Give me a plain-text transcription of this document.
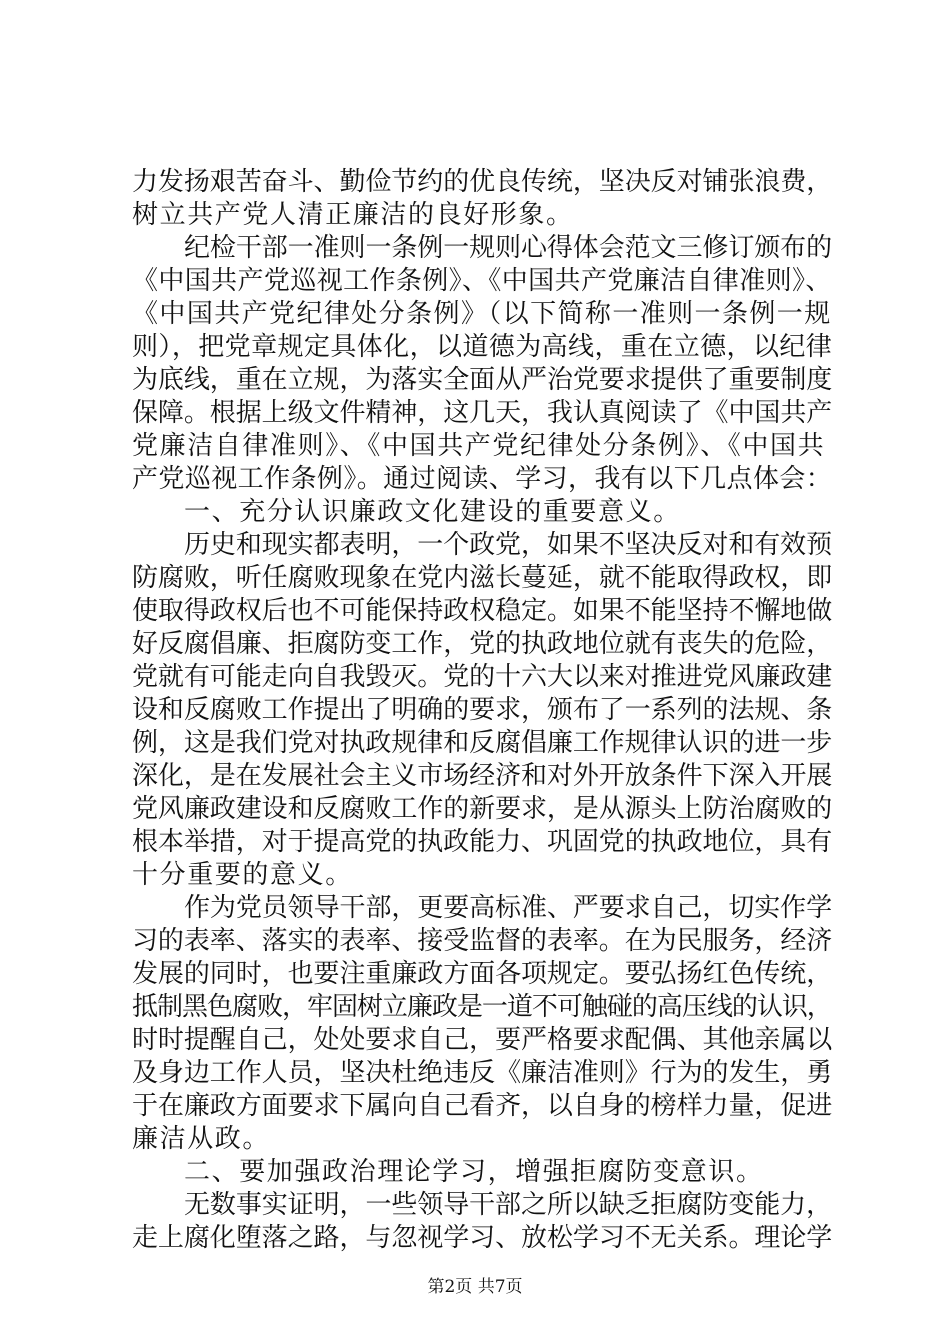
力发扬艰苦奋斗、勤俭节约的优良传统，坚决反对铺张浪费，
树立共产党人清正廉洁的良好形象。
纪检干部一准则一条例一规则心得体会范文三修订颁布的
《中国共产党巡视工作条例》、《中国共产党廉洁自律准则》、
《中国共产党纪律处分条例》（以下简称一准则一条例一规
则），把党章规定具体化，以道德为高线，重在立德，以纪律
为底线，重在立规，为落实全面从严治党要求提供了重要制度
保障。根据上级文件精神，这几天，我认真阅读了《中国共产
党廉洁自律准则》、《中国共产党纪律处分条例》、《中国共
产党巡视工作条例》。通过阅读、学习，我有以下几点体会：
一、充分认识廉政文化建设的重要意义。
历史和现实都表明，一个政党，如果不坚决反对和有效预
防腐败，听任腐败现象在党内滋长蔓延，就不能取得政权，即
使取得政权后也不可能保持政权稳定。如果不能坚持不懈地做
好反腐倡廉、拒腐防变工作，党的执政地位就有丧失的危险，
党就有可能走向自我毁灭。党的十六大以来对推进党风廉政建
设和反腐败工作提出了明确的要求，颁布了一系列的法规、条
例，这是我们党对执政规律和反腐倡廉工作规律认识的进一步
深化，是在发展社会主义市场经济和对外开放条件下深入开展
党风廉政建设和反腐败工作的新要求，是从源头上防治腐败的
根本举措，对于提高党的执政能力、巩固党的执政地位，具有
十分重要的意义。
作为党员领导干部，更要高标准、严要求自己，切实作学
习的表率、落实的表率、接受监督的表率。在为民服务，经济
发展的同时，也要注重廉政方面各项规定。要弘扬红色传统，
抵制黑色腐败，牢固树立廉政是一道不可触碰的高压线的认识，
时时提醒自己，处处要求自己，要严格要求配偶、其他亲属以
及身边工作人员，坚决杜绝违反《廉洁准则》行为的发生，勇
于在廉政方面要求下属向自己看齐，以自身的榜样力量，促进
廉洁从政。
二、要加强政治理论学习，增强拒腐防变意识。
无数事实证明，一些领导干部之所以缺乏拒腐防变能力，
走上腐化堕落之路，与忽视学习、放松学习不无关系。理论学
第2页 共7页
